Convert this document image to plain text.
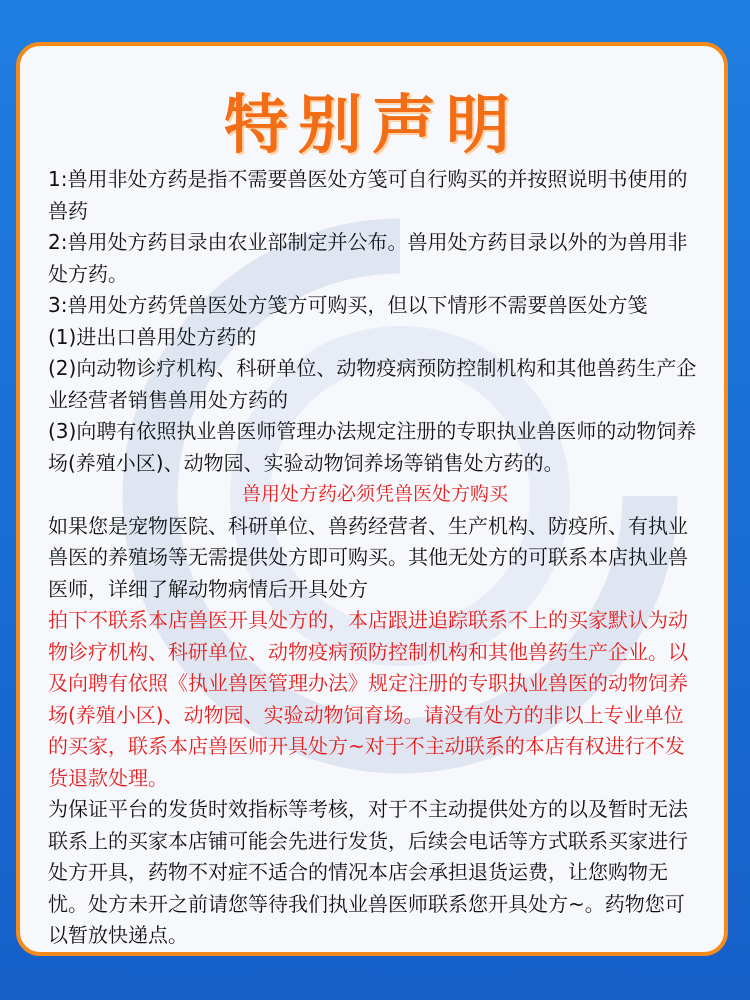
特别声明

1:兽用非处方药是指不需要兽医处方笺可自行购买的并按照说明书使用的兽药

2:兽用处方药目录由农业部制定并公布。兽用处方药目录以外的为兽用非处方药。

3:兽用处方药凭兽医处方笺方可购买，但以下情形不需要兽医处方笺

(1)进出口兽用处方药的

(2)向动物诊疗机构、科研单位、动物疫病预防控制机构和其他兽药生产企业经营者销售兽用处方药的

(3)向聘有依照执业兽医师管理办法规定注册的专职执业兽医师的动物饲养场(养殖小区)、动物园、实验动物饲养场等销售处方药的。

兽用处方药必须凭兽医处方购买

如果您是宠物医院、科研单位、兽药经营者、生产机构、防疫所、有执业兽医的养殖场等无需提供处方即可购买。其他无处方的可联系本店执业兽医师，详细了解动物病情后开具处方

拍下不联系本店兽医开具处方的，本店跟进追踪联系不上的买家默认为动物诊疗机构、科研单位、动物疫病预防控制机构和其他兽药生产企业。以及向聘有依照《执业兽医管理办法》规定注册的专职执业兽医的动物饲养场(养殖小区)、动物园、实验动物饲育场。请没有处方的非以上专业单位的买家，联系本店兽医师开具处方~对于不主动联系的本店有权进行不发货退款处理。

为保证平台的发货时效指标等考核，对于不主动提供处方的以及暂时无法联系上的买家本店铺可能会先进行发货，后续会电话等方式联系买家进行处方开具，药物不对症不适合的情况本店会承担退货运费，让您购物无忧。处方未开之前请您等待我们执业兽医师联系您开具处方~。药物您可以暂放快递点。
